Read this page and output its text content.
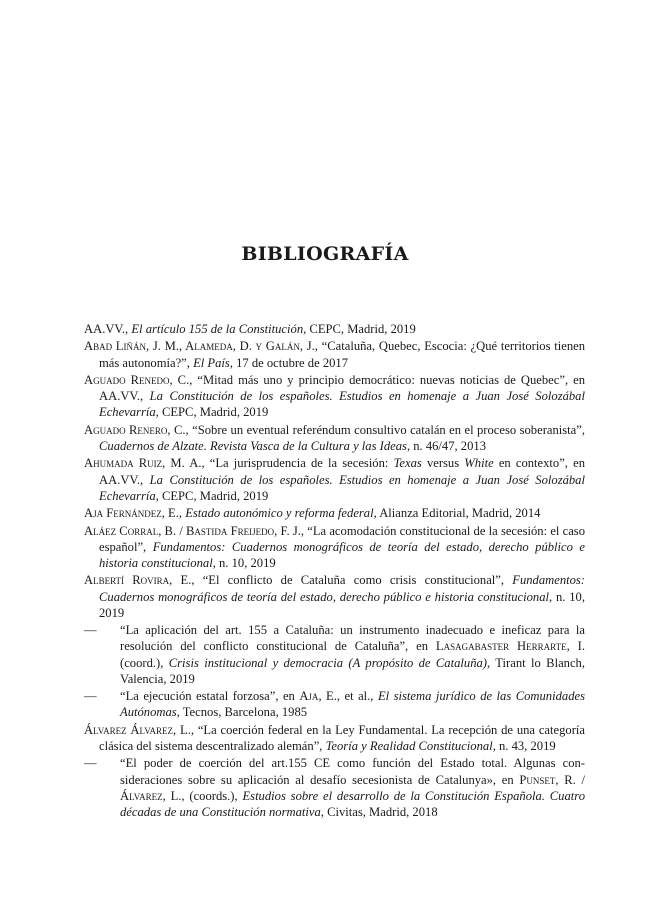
BIBLIOGRAFÍA

AA.VV., El artículo 155 de la Constitución, CEPC, Madrid, 2019

Abad Liñán, J. M., Alameda, D. y Galán, J., “Cataluña, Quebec, Escocia: ¿Qué territorios tienen más autonomía?”, El País, 17 de octubre de 2017

Aguado Renedo, C., “Mitad más uno y principio democrático: nuevas noticias de Quebec”, en AA.VV., La Constitución de los españoles. Estudios en homenaje a Juan José Solozábal Echevarría, CEPC, Madrid, 2019

Aguado Renero, C., “Sobre un eventual referéndum consultivo catalán en el proceso soberanista”, Cuadernos de Alzate. Revista Vasca de la Cultura y las Ideas, n. 46/47, 2013

Ahumada Ruiz, M. A., “La jurisprudencia de la secesión: Texas versus White en contexto”, en AA.VV., La Constitución de los españoles. Estudios en homenaje a Juan José Solozábal Echevarría, CEPC, Madrid, 2019

Aja Fernández, E., Estado autonómico y reforma federal, Alianza Editorial, Madrid, 2014

Aláez Corral, B. / Bastida Freijedo, F. J., “La acomodación constitucional de la secesión: el caso español”, Fundamentos: Cuadernos monográficos de teoría del estado, derecho público e historia constitucional, n. 10, 2019

Albertí Rovira, E., “El conflicto de Cataluña como crisis constitucional”, Fundamentos: Cuadernos monográficos de teoría del estado, derecho público e historia constitucional, n. 10, 2019

—	“La aplicación del art. 155 a Cataluña: un instrumento inadecuado e ineficaz para la resolución del conflicto constitucional de Cataluña”, en Lasagabaster Herrarte, I. (coord.), Crisis institucional y democracia (A propósito de Cataluña), Tirant lo Blanch, Valencia, 2019

—	“La ejecución estatal forzosa”, en Aja, E., et al., El sistema jurídico de las Comunidades Autónomas, Tecnos, Barcelona, 1985

Álvarez Álvarez, L., “La coerción federal en la Ley Fundamental. La recepción de una categoría clásica del sistema descentralizado alemán”, Teoría y Realidad Constitucional, n. 43, 2019

—	“El poder de coerción del art.155 CE como función del Estado total. Algunas consideraciones sobre su aplicación al desafío secesionista de Catalunya», en Punset, R. / Álvarez, L., (coords.), Estudios sobre el desarrollo de la Constitución Española. Cuatro décadas de una Constitución normativa, Civitas, Madrid, 2018
